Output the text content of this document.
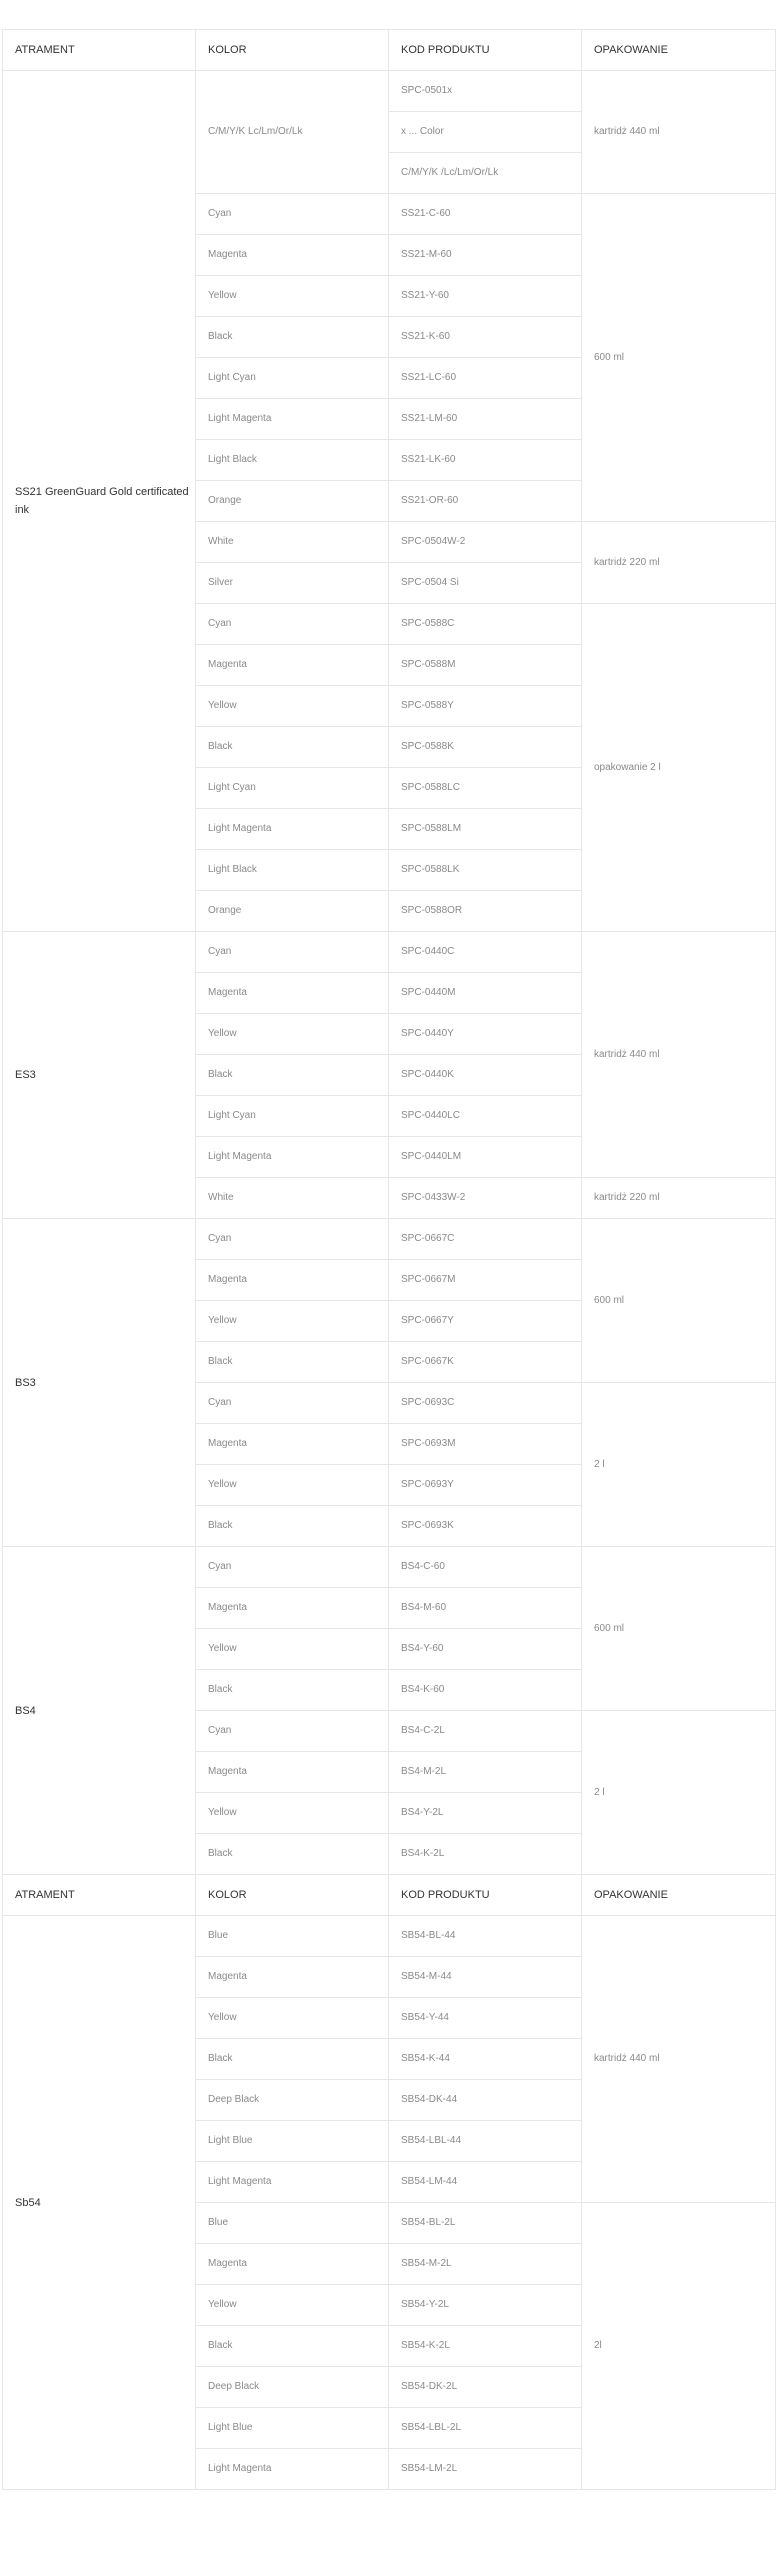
ATRAMENT	KOLOR	KOD PRODUKTU	OPAKOWANIE
SS21 GreenGuard Gold certificated ink	C/M/Y/K Lc/Lm/Or/Lk	SPC-0501x	kartridż 440 ml
		x ... Color	
		C/M/Y/K /Lc/Lm/Or/Lk	
	Cyan	SS21-C-60	600 ml
	Magenta	SS21-M-60	
	Yellow	SS21-Y-60	
	Black	SS21-K-60	
	Light Cyan	SS21-LC-60	
	Light Magenta	SS21-LM-60	
	Light Black	SS21-LK-60	
	Orange	SS21-OR-60	
	White	SPC-0504W-2	kartridż 220 ml
	Silver	SPC-0504 Si	
	Cyan	SPC-0588C	opakowanie 2 l
	Magenta	SPC-0588M	
	Yellow	SPC-0588Y	
	Black	SPC-0588K	
	Light Cyan	SPC-0588LC	
	Light Magenta	SPC-0588LM	
	Light Black	SPC-0588LK	
	Orange	SPC-0588OR	
ES3	Cyan	SPC-0440C	kartridż 440 ml
	Magenta	SPC-0440M	
	Yellow	SPC-0440Y	
	Black	SPC-0440K	
	Light Cyan	SPC-0440LC	
	Light Magenta	SPC-0440LM	
	White	SPC-0433W-2	kartridż 220 ml
BS3	Cyan	SPC-0667C	600 ml
	Magenta	SPC-0667M	
	Yellow	SPC-0667Y	
	Black	SPC-0667K	
	Cyan	SPC-0693C	2 l
	Magenta	SPC-0693M	
	Yellow	SPC-0693Y	
	Black	SPC-0693K	
BS4	Cyan	BS4-C-60	600 ml
	Magenta	BS4-M-60	
	Yellow	BS4-Y-60	
	Black	BS4-K-60	
	Cyan	BS4-C-2L	2 l
	Magenta	BS4-M-2L	
	Yellow	BS4-Y-2L	
	Black	BS4-K-2L	
ATRAMENT	KOLOR	KOD PRODUKTU	OPAKOWANIE
Sb54	Blue	SB54-BL-44	kartridż 440 ml
	Magenta	SB54-M-44	
	Yellow	SB54-Y-44	
	Black	SB54-K-44	
	Deep Black	SB54-DK-44	
	Light Blue	SB54-LBL-44	
	Light Magenta	SB54-LM-44	
	Blue	SB54-BL-2L	2l
	Magenta	SB54-M-2L	
	Yellow	SB54-Y-2L	
	Black	SB54-K-2L	
	Deep Black	SB54-DK-2L	
	Light Blue	SB54-LBL-2L	
	Light Magenta	SB54-LM-2L	
